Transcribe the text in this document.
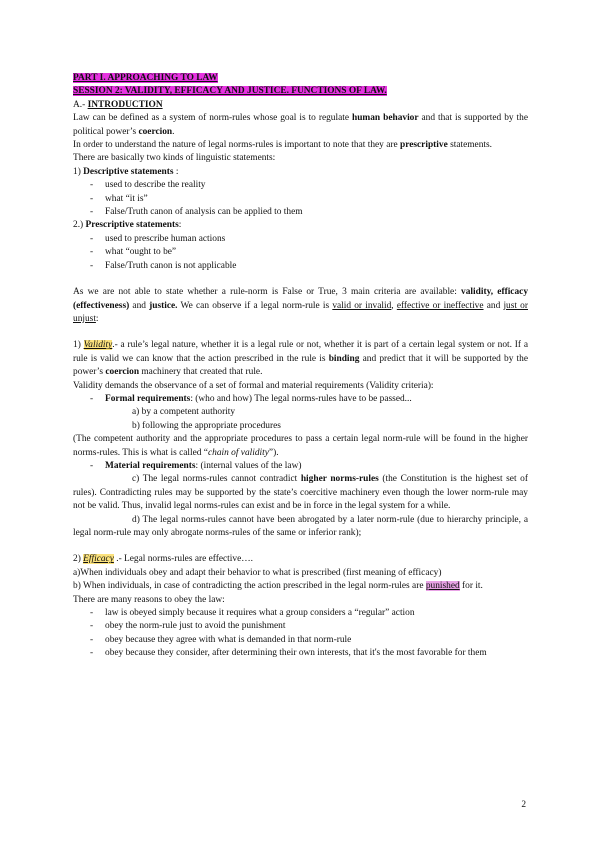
PART I. APPROACHING TO LAW

SESSION 2: VALIDITY, EFFICACY AND JUSTICE. FUNCTIONS OF LAW.

A.- INTRODUCTION

Law can be defined as a system of norm-rules whose goal is to regulate human behavior and that is supported by the political power’s coercion.

In order to understand the nature of legal norms-rules is important to note that they are prescriptive statements.

There are basically two kinds of linguistic statements:

1) Descriptive statements :

- used to describe the reality
- what “it is”
- False/Truth canon of analysis can be applied to them

2.) Prescriptive statements:

- used to prescribe human actions
- what “ought to be”
- False/Truth canon is not applicable

As we are not able to state whether a rule-norm is False or True, 3 main criteria are available: validity, efficacy (effectiveness) and justice. We can observe if a legal norm-rule is valid or invalid, effective or ineffective and just or unjust:

1) Validity.- a rule’s legal nature, whether it is a legal rule or not, whether it is part of a certain legal system or not. If a rule is valid we can know that the action prescribed in the rule is binding and predict that it will be supported by the power’s coercion machinery that created that rule.

Validity demands the observance of a set of formal and material requirements (Validity criteria):

- Formal requirements: (who and how) The legal norms-rules have to be passed...

a) by a competent authority

b) following the appropriate procedures

(The competent authority and the appropriate procedures to pass a certain legal norm-rule will be found in the higher norms-rules. This is what is called “chain of validity”).

- Material requirements: (internal values of the law)

c) The legal norms-rules cannot contradict higher norms-rules (the Constitution is the highest set of rules). Contradicting rules may be supported by the state’s coercitive machinery even though the lower norm-rule may not be valid. Thus, invalid legal norms-rules can exist and be in force in the legal system for a while.

d) The legal norms-rules cannot have been abrogated by a later norm-rule (due to hierarchy principle, a legal norm-rule may only abrogate norms-rules of the same or inferior rank);

2) Efficacy .- Legal norms-rules are effective….

a)When individuals obey and adapt their behavior to what is prescribed (first meaning of efficacy)

b) When individuals, in case of contradicting the action prescribed in the legal norm-rules are punished for it.

There are many reasons to obey the law:

- law is obeyed simply because it requires what a group considers a “regular” action
- obey the norm-rule just to avoid the punishment
- obey because they agree with what is demanded in that norm-rule
- obey because they consider, after determining their own interests, that it's the most favorable for them
2
